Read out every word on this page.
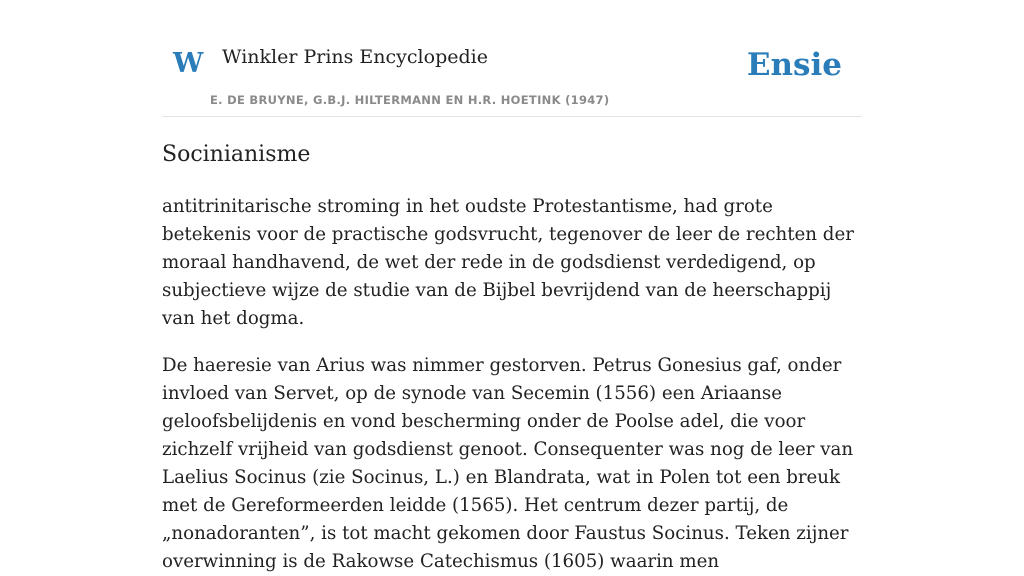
W Winkler Prins Encyclopedie
E. DE BRUYNE, G.B.J. HILTERMANN EN H.R. HOETINK (1947)
Ensie
Socinianisme

antitrinitarische stroming in het oudste Protestantisme, had grote betekenis voor de practische godsvrucht, tegenover de leer de rechten der moraal handhavend, de wet der rede in de godsdienst verdedigend, op subjectieve wijze de studie van de Bijbel bevrijdend van de heerschappij van het dogma.

De haeresie van Arius was nimmer gestorven. Petrus Gonesius gaf, onder invloed van Servet, op de synode van Secemin (1556) een Ariaanse geloofsbelijdenis en vond bescherming onder de Poolse adel, die voor zichzelf vrijheid van godsdienst genoot. Consequenter was nog de leer van Laelius Socinus (zie Socinus, L.) en Blandrata, wat in Polen tot een breuk met de Gereformeerden leidde (1565). Het centrum dezer partij, de „nonadoranten”, is tot macht gekomen door Faustus Socinus. Teken zijner overwinning is de Rakowse Catechismus (1605) waarin men
